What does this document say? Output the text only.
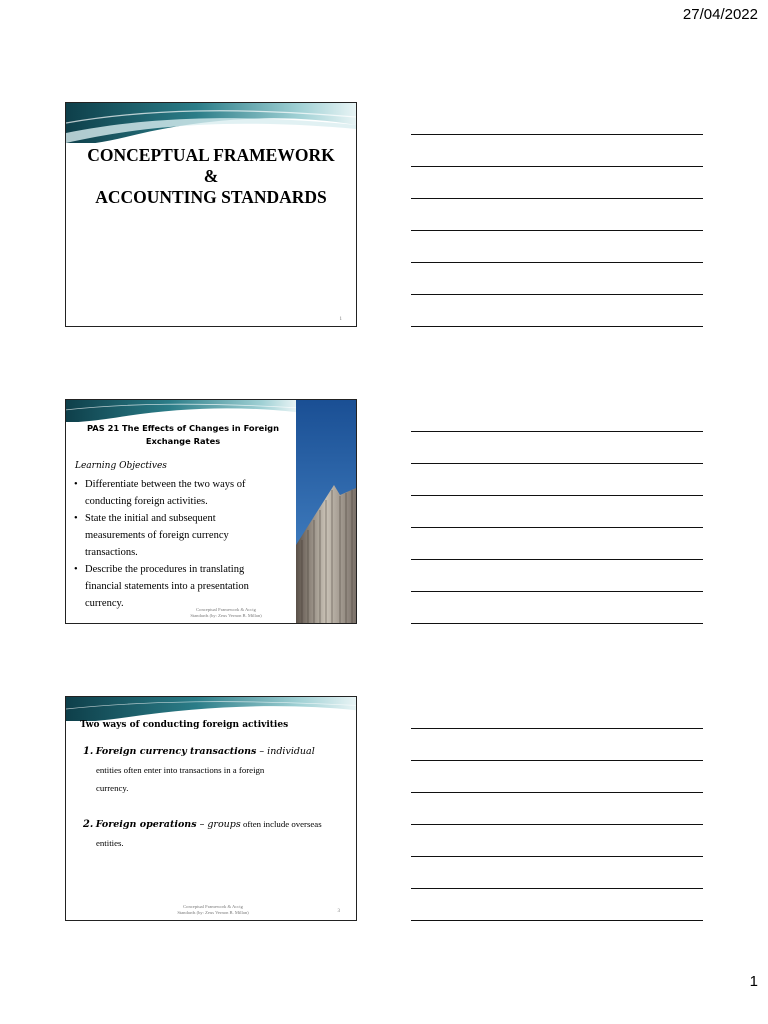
27/04/2022
CONCEPTUAL FRAMEWORK
&
ACCOUNTING STANDARDS
1
PAS 21 The Effects of Changes in Foreign
Exchange Rates
Learning Objectives
• Differentiate between the two ways of
conducting foreign activities.
• State the initial and subsequent
measurements of foreign currency
transactions.
• Describe the procedures in translating
financial statements into a presentation
currency.
Conceptual Framework & Acctg
Standards (by: Zeus Vernon B. Millan)
Two ways of conducting foreign activities
1. Foreign currency transactions – individual
entities often enter into transactions in a foreign
currency.
2. Foreign operations – groups often include overseas
entities.
Conceptual Framework & Acctg
Standards (by: Zeus Vernon B. Millan)	3
1
